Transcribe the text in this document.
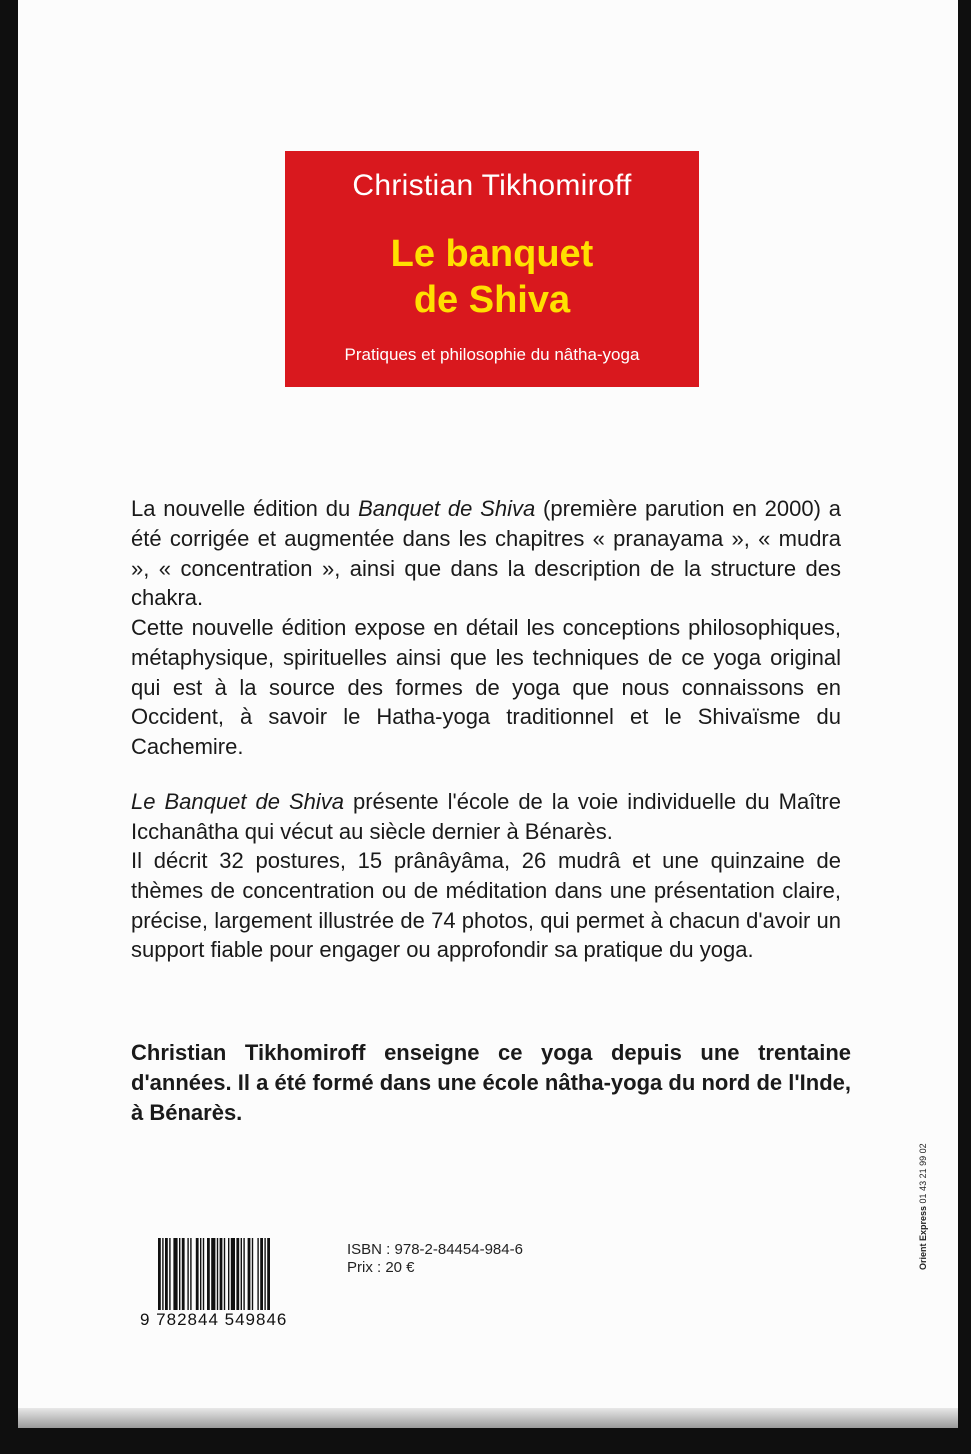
Christian Tikhomiroff
Le banquet
de Shiva
Pratiques et philosophie du nâtha-yoga

La nouvelle édition du Banquet de Shiva (première parution en 2000) a été corrigée et augmentée dans les chapitres « pranayama », « mudra », « concentration », ainsi que dans la description de la structure des chakra.

Cette nouvelle édition expose en détail les conceptions philosophiques, métaphysique, spirituelles ainsi que les techniques de ce yoga original qui est à la source des formes de yoga que nous connaissons en Occident, à savoir le Hatha-yoga traditionnel et le Shivaïsme du Cachemire.

Le Banquet de Shiva présente l'école de la voie individuelle du Maître Icchanâtha qui vécut au siècle dernier à Bénarès.

Il décrit 32 postures, 15 prânâyâma, 26 mudrâ et une quinzaine de thèmes de concentration ou de méditation dans une présentation claire, précise, largement illustrée de 74 photos, qui permet à chacun d'avoir un support fiable pour engager ou approfondir sa pratique du yoga.

Christian Tikhomiroff enseigne ce yoga depuis une trentaine d'années. Il a été formé dans une école nâtha-yoga du nord de l'Inde, à Bénarès.

9 782844 549846
ISBN : 978-2-84454-984-6
Prix : 20 €	Orient Express 01 43 21 99 02
